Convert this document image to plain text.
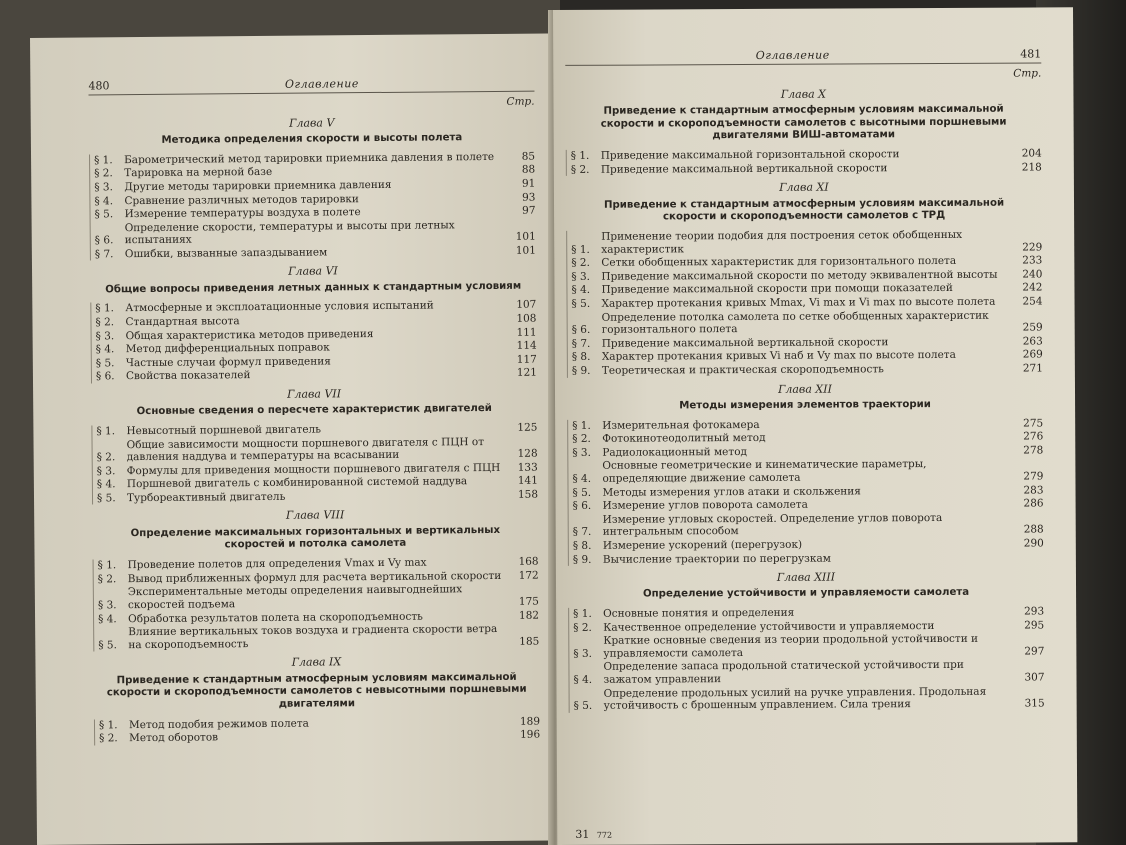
480	Оглавление
Стр.
Глава V
Методика определения скорости и высоты полета
§ 1.	Барометрический метод тарировки приемника давления в полете	85
§ 2.	Тарировка на мерной базе	88
§ 3.	Другие методы тарировки приемника давления	91
§ 4.	Сравнение различных методов тарировки	93
§ 5.	Измерение температуры воздуха в полете	97
§ 6.
Определение скорости, температуры и высоты при летных испытаниях	101
§ 7.	Ошибки, вызванные запаздыванием	101
Глава VI
Общие вопросы приведения летных данных к стандартным условиям
§ 1.	Атмосферные и эксплоатационные условия испытаний	107
§ 2.	Стандартная высота	108
§ 3.	Общая характеристика методов приведения	111
§ 4.	Метод дифференциальных поправок	114
§ 5.	Частные случаи формул приведения	117
§ 6.	Свойства показателей	121
Глава VII
Основные сведения о пересчете характеристик двигателей
§ 1.	Невысотный поршневой двигатель	125
§ 2.
Общие зависимости мощности поршневого двигателя с ПЦН от давления наддува и температуры на всасывании	128
§ 3.	Формулы для приведения мощности поршневого двигателя с ПЦН	133
§ 4.	Поршневой двигатель с комбинированной системой наддува	141
§ 5.	Турбореактивный двигатель	158
Глава VIII
Определение максимальных горизонтальных и вертикальных скоростей и потолка самолета
§ 1.	Проведение полетов для определения Vmax и Vy max	168
§ 2.	Вывод приближенных формул для расчета вертикальной скорости	172
§ 3.
Экспериментальные методы определения наивыгоднейших скоростей подъема	175
§ 4.	Обработка результатов полета на скороподъемность	182
§ 5.
Влияние вертикальных токов воздуха и градиента скорости ветра на скороподъемность	185
Глава IX
Приведение к стандартным атмосферным условиям максимальной скорости и скороподъемности самолетов с невысотными поршневыми двигателями
§ 1.	Метод подобия режимов полета	189
§ 2.	Метод оборотов	196
Оглавление	481
Стр.
Глава X
Приведение к стандартным атмосферным условиям максимальной скорости и скороподъемности самолетов с высотными поршневыми двигателями ВИШ-автоматами
§ 1.	Приведение максимальной горизонтальной скорости	204
§ 2.	Приведение максимальной вертикальной скорости	218
Глава XI
Приведение к стандартным атмосферным условиям максимальной скорости и скороподъемности самолетов с ТРД
§ 1.
Применение теории подобия для построения сеток обобщенных характеристик	229
§ 2.	Сетки обобщенных характеристик для горизонтального полета	233
§ 3.	Приведение максимальной скорости по методу эквивалентной высоты	240
§ 4.	Приведение максимальной скорости при помощи показателей	242
§ 5.	Характер протекания кривых Mmax, Vi max и Vi max по высоте полета	254
§ 6.
Определение потолка самолета по сетке обобщенных характеристик горизонтального полета	259
§ 7.	Приведение максимальной вертикальной скорости	263
§ 8.	Характер протекания кривых Vi наб и Vy max по высоте полета	269
§ 9.	Теоретическая и практическая скороподъемность	271
Глава XII
Методы измерения элементов траектории
§ 1.	Измерительная фотокамера	275
§ 2.	Фотокинотеодолитный метод	276
§ 3.	Радиолокационный метод	278
§ 4.
Основные геометрические и кинематические параметры, определяющие движение самолета	279
§ 5.	Методы измерения углов атаки и скольжения	283
§ 6.	Измерение углов поворота самолета	286
§ 7.
Измерение угловых скоростей. Определение углов поворота интегральным способом	288
§ 8.	Измерение ускорений (перегрузок)	290
§ 9.	Вычисление траектории по перегрузкам
Глава XIII
Определение устойчивости и управляемости самолета
§ 1.	Основные понятия и определения	293
§ 2.	Качественное определение устойчивости и управляемости	295
§ 3.
Краткие основные сведения из теории продольной устойчивости и управляемости самолета	297
§ 4.
Определение запаса продольной статической устойчивости при зажатом управлении	307
§ 5.
Определение продольных усилий на ручке управления. Продольная устойчивость с брошенным управлением. Сила трения	315
31 772
